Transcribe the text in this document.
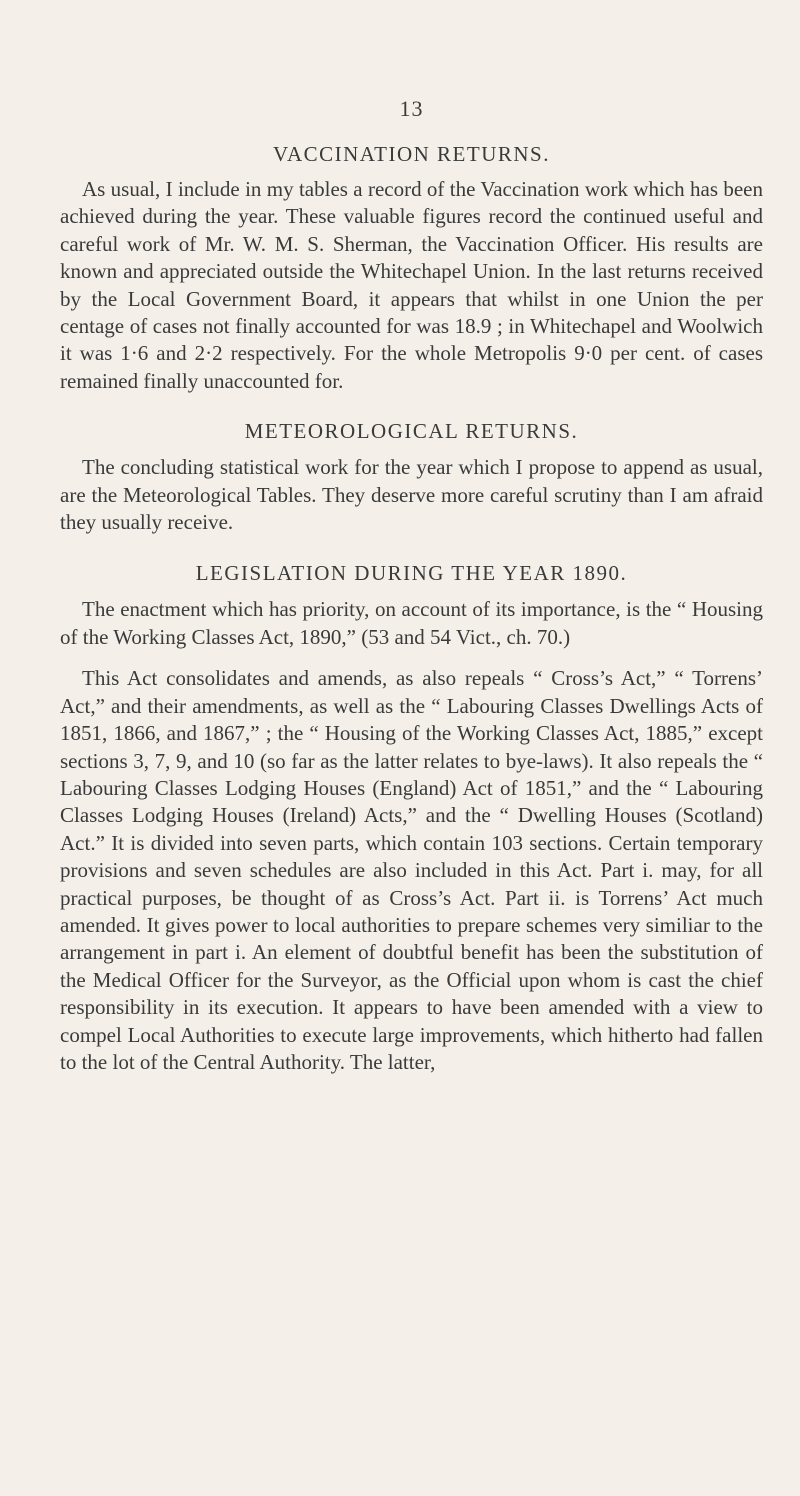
13
VACCINATION RETURNS.

As usual, I include in my tables a record of the Vaccination work which has been achieved during the year. These valuable figures record the continued useful and careful work of Mr. W. M. S. Sherman, the Vaccination Officer. His results are known and appreciated outside the Whitechapel Union. In the last returns received by the Local Government Board, it appears that whilst in one Union the per centage of cases not finally accounted for was 18.9 ; in Whitechapel and Woolwich it was 1·6 and 2·2 respectively. For the whole Metropolis 9·0 per cent. of cases remained finally unaccounted for.

METEOROLOGICAL RETURNS.

The concluding statistical work for the year which I propose to append as usual, are the Meteorological Tables. They deserve more careful scrutiny than I am afraid they usually receive.

LEGISLATION DURING THE YEAR 1890.

The enactment which has priority, on account of its importance, is the “ Housing of the Working Classes Act, 1890,” (53 and 54 Vict., ch. 70.)

This Act consolidates and amends, as also repeals “ Cross’s Act,” “ Torrens’ Act,” and their amendments, as well as the “ Labouring Classes Dwellings Acts of 1851, 1866, and 1867,” ; the “ Housing of the Working Classes Act, 1885,” except sections 3, 7, 9, and 10 (so far as the latter relates to bye-laws). It also repeals the “ Labouring Classes Lodging Houses (England) Act of 1851,” and the “ Labouring Classes Lodging Houses (Ireland) Acts,” and the “ Dwelling Houses (Scotland) Act.” It is divided into seven parts, which contain 103 sections. Certain temporary provisions and seven schedules are also included in this Act. Part i. may, for all practical purposes, be thought of as Cross’s Act. Part ii. is Torrens’ Act much amended. It gives power to local authorities to prepare schemes very similiar to the arrangement in part i. An element of doubtful benefit has been the substitution of the Medical Officer for the Surveyor, as the Official upon whom is cast the chief responsibility in its execution. It appears to have been amended with a view to compel Local Authorities to execute large improvements, which hitherto had fallen to the lot of the Central Authority. The latter,
